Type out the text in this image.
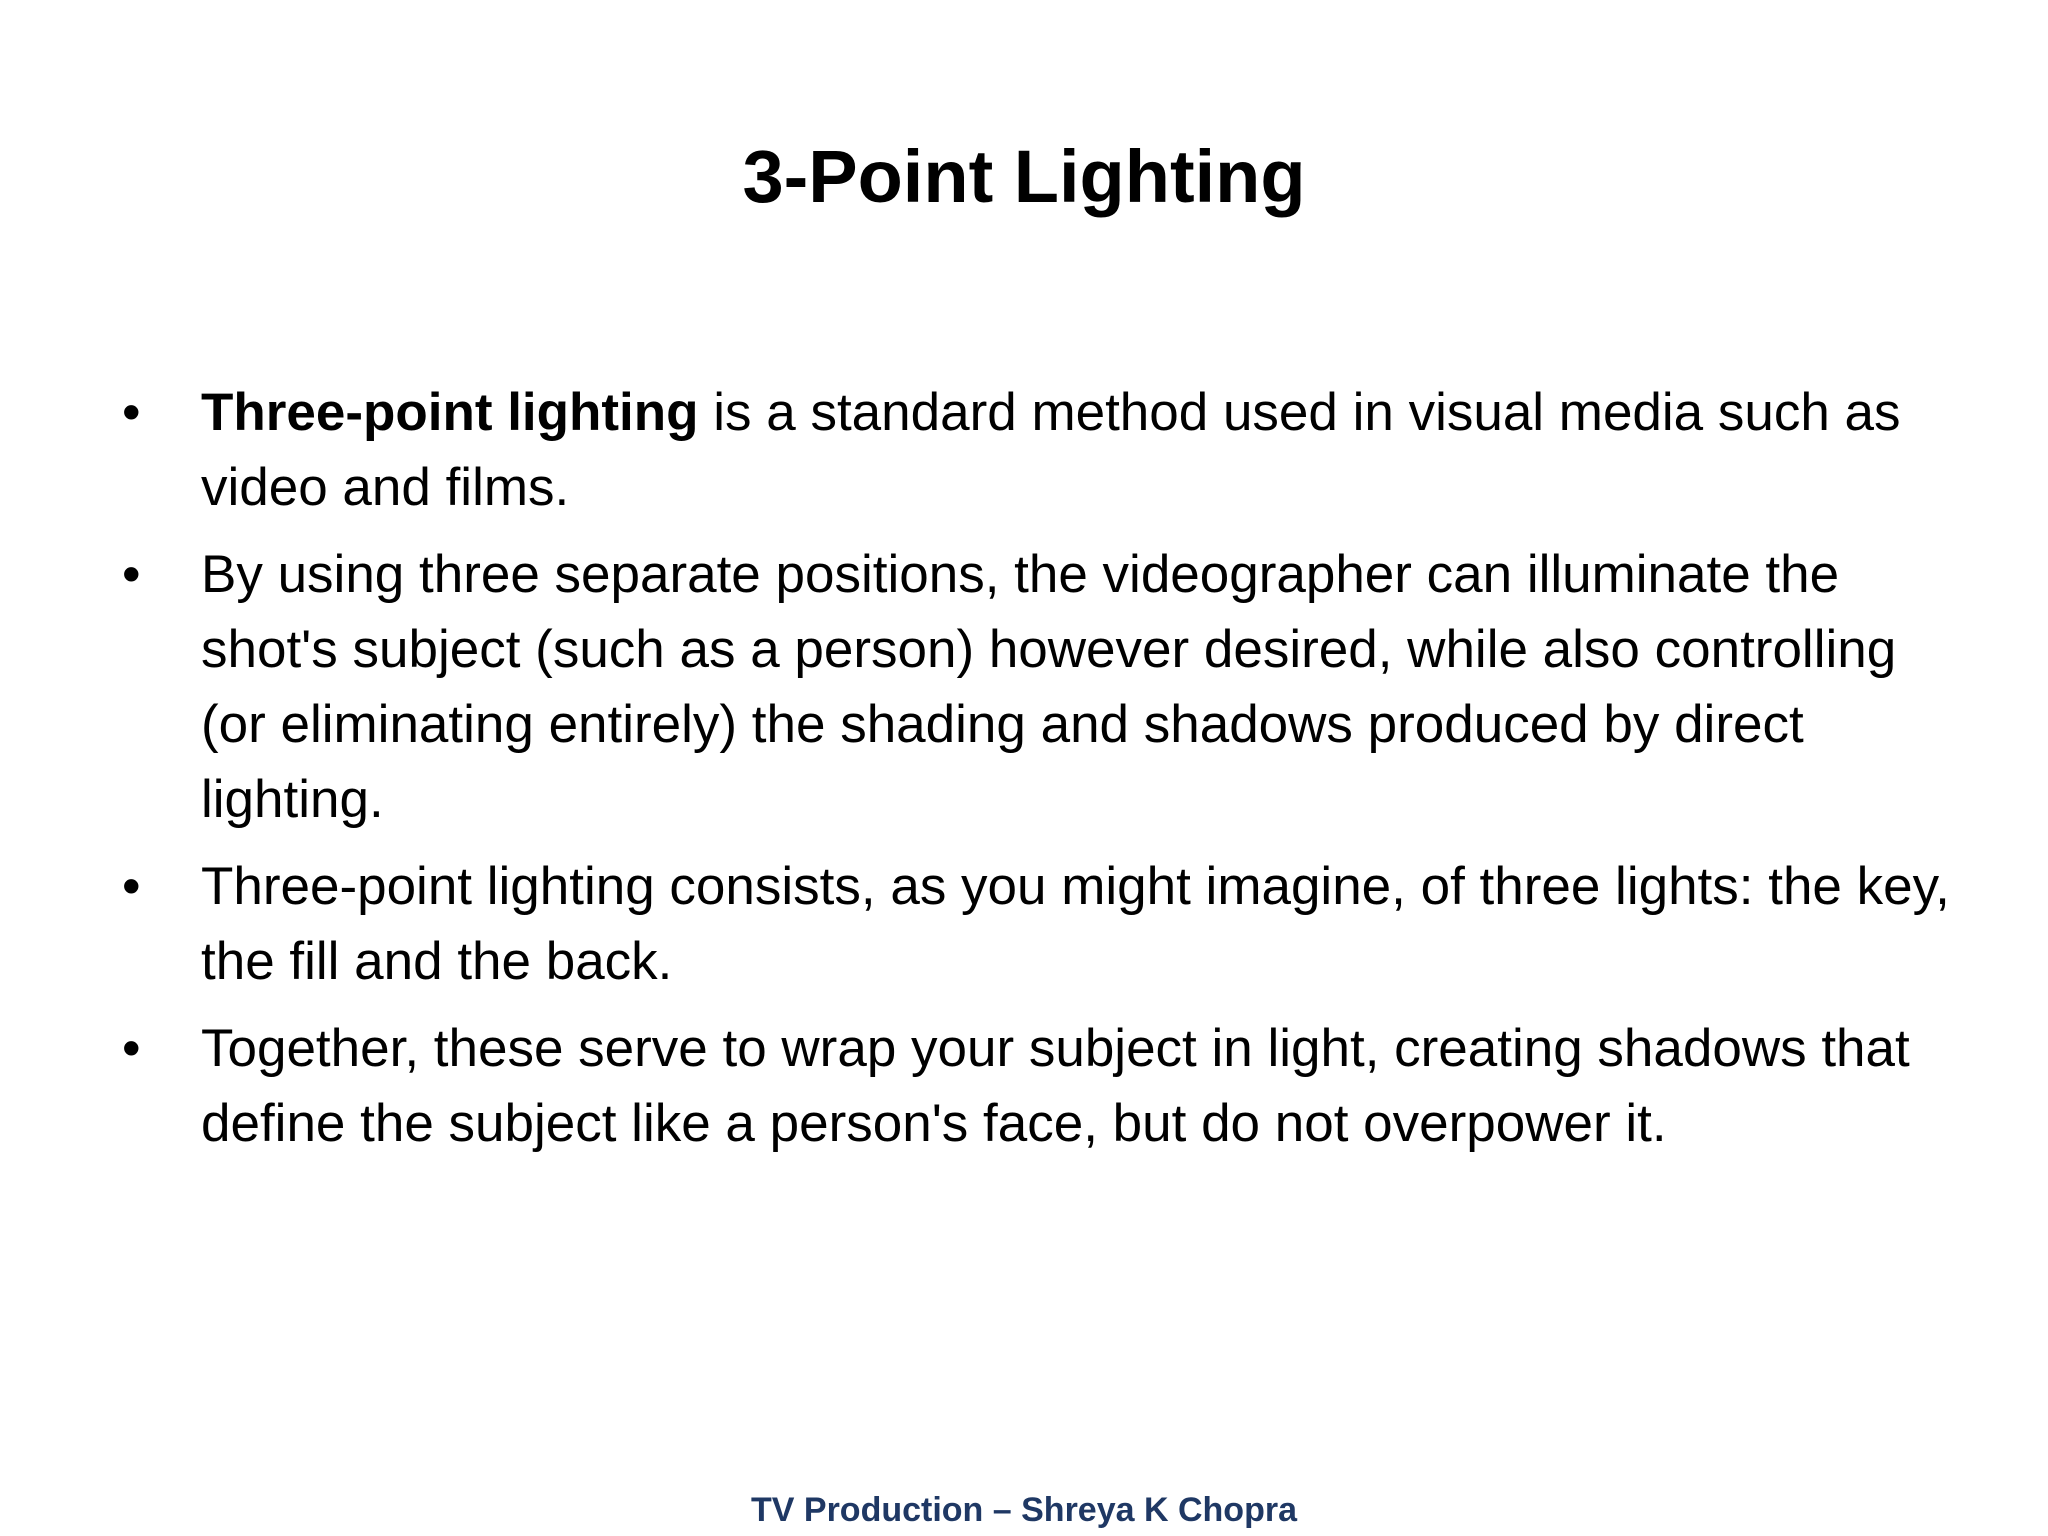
3-Point Lighting
• Three-point lighting is a standard method used in visual media such as video and films.
• By using three separate positions, the videographer can illuminate the shot's subject (such as a person) however desired, while also controlling (or eliminating entirely) the shading and shadows produced by direct lighting.
• Three-point lighting consists, as you might imagine, of three lights: the key, the fill and the back.
• Together, these serve to wrap your subject in light, creating shadows that define the subject like a person's face, but do not overpower it.
TV Production – Shreya K Chopra
